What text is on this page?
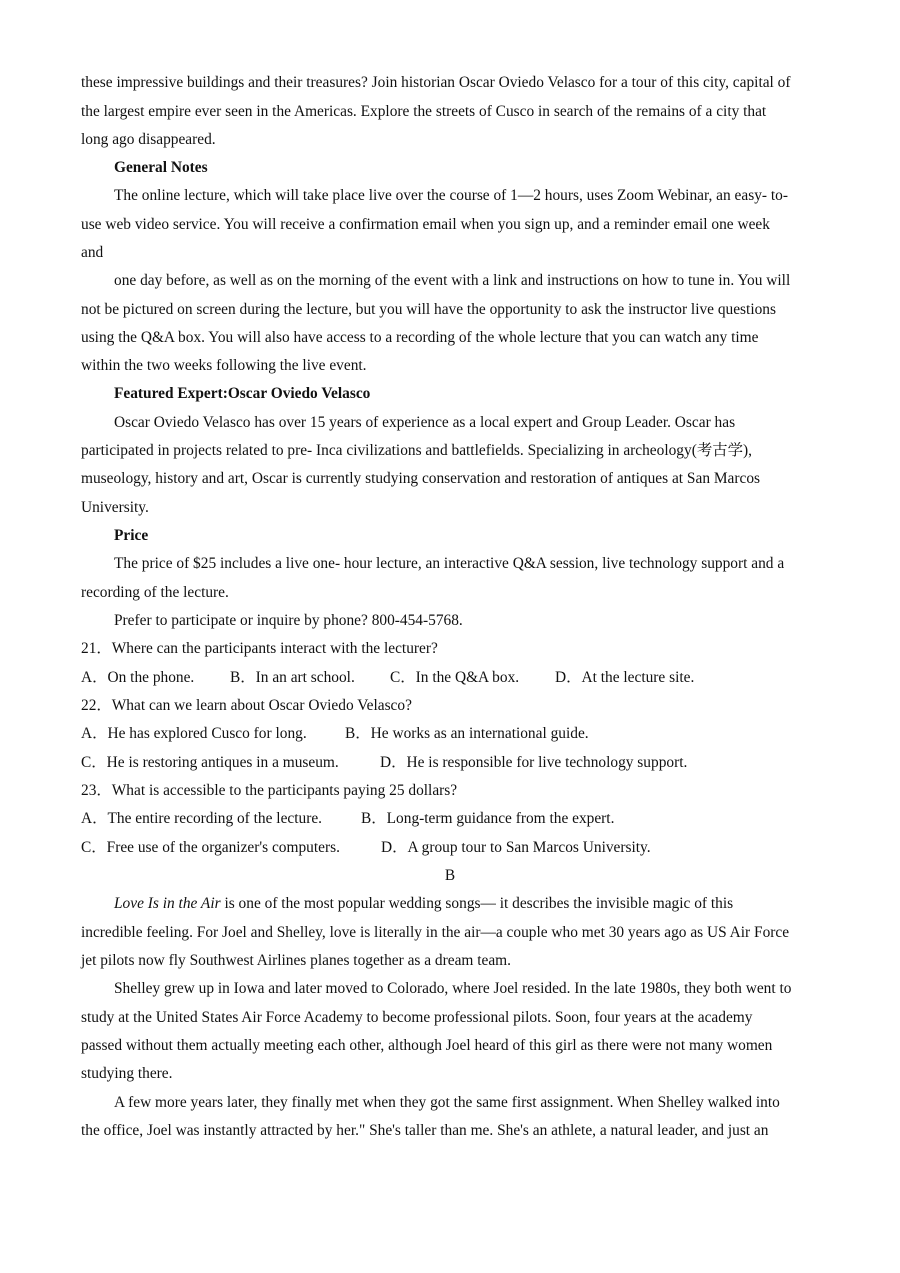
these impressive buildings and their treasures? Join historian Oscar Oviedo Velasco for a tour of this city, capital of
the largest empire ever seen in the Americas. Explore the streets of Cusco in search of the remains of a city that
long ago disappeared.
General Notes
The online lecture, which will take place live over the course of 1—2 hours, uses Zoom Webinar, an easy- to-
use web video service. You will receive a confirmation email when you sign up, and a reminder email one week
and
one day before, as well as on the morning of the event with a link and instructions on how to tune in. You will
not be pictured on screen during the lecture, but you will have the opportunity to ask the instructor live questions
using the Q&A box. You will also have access to a recording of the whole lecture that you can watch any time
within the two weeks following the live event.
Featured Expert:Oscar Oviedo Velasco
Oscar Oviedo Velasco has over 15 years of experience as a local expert and Group Leader. Oscar has
participated in projects related to pre- Inca civilizations and battlefields. Specializing in archeology(考古学),
museology, history and art, Oscar is currently studying conservation and restoration of antiques at San Marcos
University.
Price
The price of $25 includes a live one- hour lecture, an interactive Q&A session, live technology support and a
recording of the lecture.
Prefer to participate or inquire by phone? 800-454-5768.
21．Where can the participants interact with the lecturer?
A．On the phone. B．In an art school. C．In the Q&A box. D．At the lecture site.
22．What can we learn about Oscar Oviedo Velasco?
A．He has explored Cusco for long. B．He works as an international guide.
C．He is restoring antiques in a museum.	D．He is responsible for live technology support.
23．What is accessible to the participants paying 25 dollars?
A．The entire recording of the lecture.	B．Long-term guidance from the expert.
C．Free use of the organizer's computers.	D．A group tour to San Marcos University.
B
Love Is in the Air is one of the most popular wedding songs— it describes the invisible magic of this
incredible feeling. For Joel and Shelley, love is literally in the air—a couple who met 30 years ago as US Air Force
jet pilots now fly Southwest Airlines planes together as a dream team.
Shelley grew up in Iowa and later moved to Colorado, where Joel resided. In the late 1980s, they both went to
study at the United States Air Force Academy to become professional pilots. Soon, four years at the academy
passed without them actually meeting each other, although Joel heard of this girl as there were not many women
studying there.
A few more years later, they finally met when they got the same first assignment. When Shelley walked into
the office, Joel was instantly attracted by her." She's taller than me. She's an athlete, a natural leader, and just an
